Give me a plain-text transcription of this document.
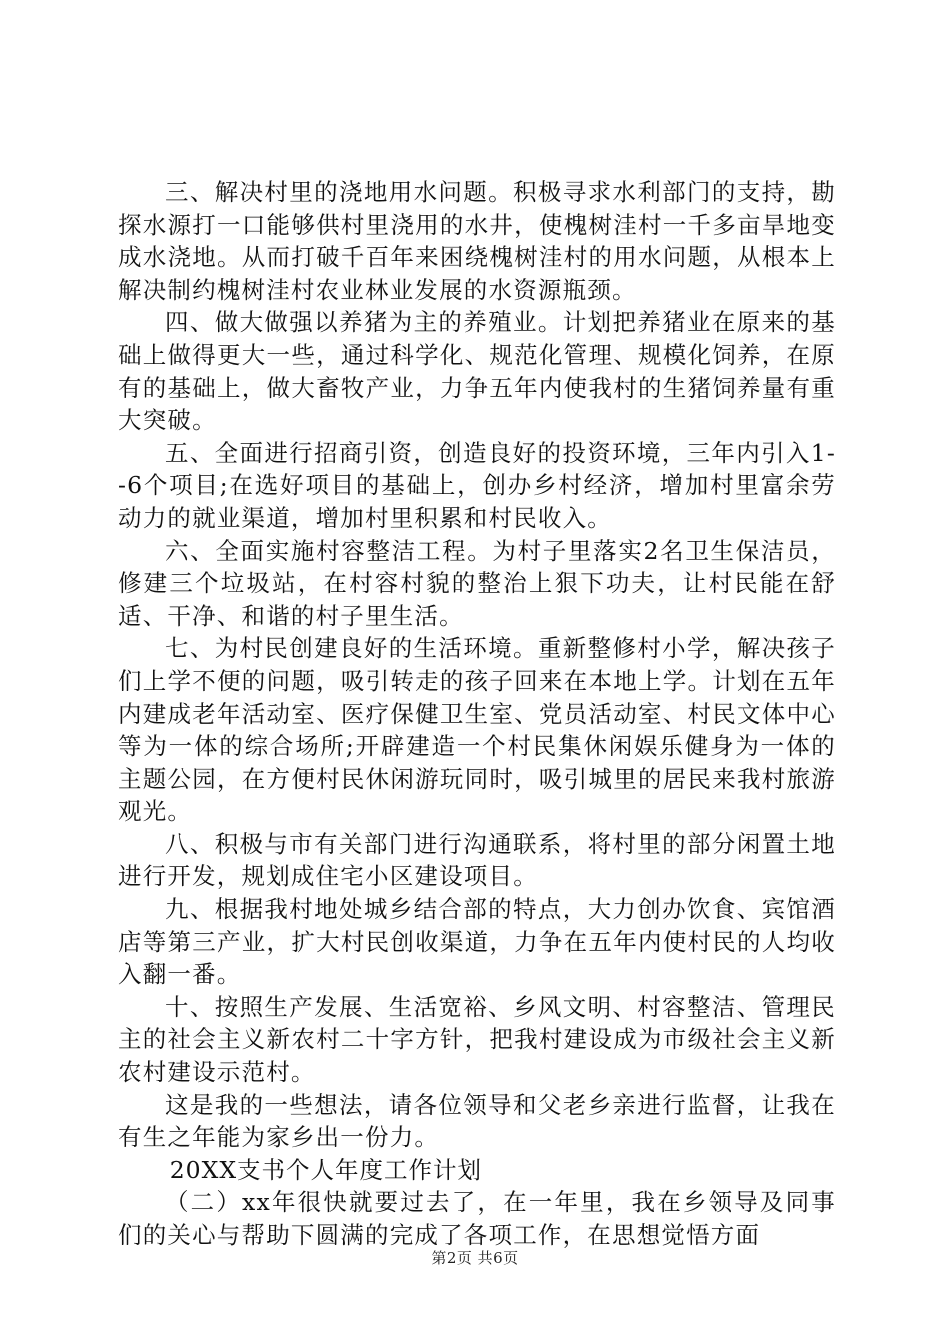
三、解决村里的浇地用水问题。积极寻求水利部门的支持，勘探水源打一口能够供村里浇用的水井，使槐树洼村一千多亩旱地变成水浇地。从而打破千百年来困绕槐树洼村的用水问题，从根本上解决制约槐树洼村农业林业发展的水资源瓶颈。

四、做大做强以养猪为主的养殖业。计划把养猪业在原来的基础上做得更大一些，通过科学化、规范化管理、规模化饲养，在原有的基础上，做大畜牧产业，力争五年内使我村的生猪饲养量有重大突破。

五、全面进行招商引资，创造良好的投资环境，三年内引入1--6个项目;在选好项目的基础上，创办乡村经济，增加村里富余劳动力的就业渠道，增加村里积累和村民收入。

六、全面实施村容整洁工程。为村子里落实2名卫生保洁员，修建三个垃圾站，在村容村貌的整治上狠下功夫，让村民能在舒适、干净、和谐的村子里生活。

七、为村民创建良好的生活环境。重新整修村小学，解决孩子们上学不便的问题，吸引转走的孩子回来在本地上学。计划在五年内建成老年活动室、医疗保健卫生室、党员活动室、村民文体中心等为一体的综合场所;开辟建造一个村民集休闲娱乐健身为一体的主题公园，在方便村民休闲游玩同时，吸引城里的居民来我村旅游观光。

八、积极与市有关部门进行沟通联系，将村里的部分闲置土地进行开发，规划成住宅小区建设项目。

九、根据我村地处城乡结合部的特点，大力创办饮食、宾馆酒店等第三产业，扩大村民创收渠道，力争在五年内使村民的人均收入翻一番。

十、按照生产发展、生活宽裕、乡风文明、村容整洁、管理民主的社会主义新农村二十字方针，把我村建设成为市级社会主义新农村建设示范村。

这是我的一些想法，请各位领导和父老乡亲进行监督，让我在有生之年能为家乡出一份力。

20XX支书个人年度工作计划

（二）xx年很快就要过去了，在一年里，我在乡领导及同事们的关心与帮助下圆满的完成了各项工作，在思想觉悟方面

第2页 共6页
